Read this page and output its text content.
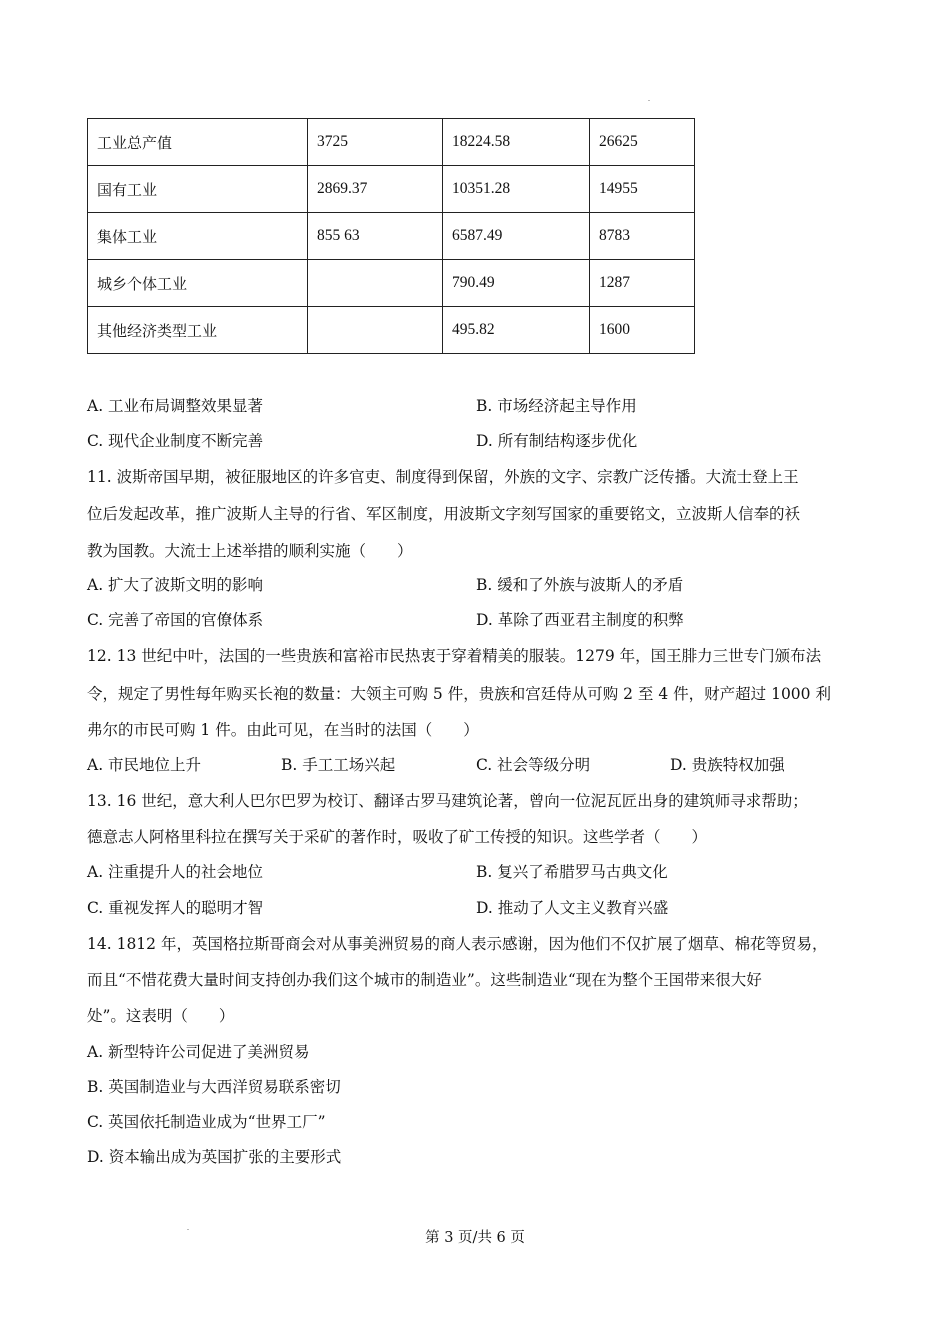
工业总产值	3725	18224.58	26625
国有工业	2869.37	10351.28	14955
集体工业	855 63	6587.49	8783
城乡个体工业		790.49	1287
其他经济类型工业		495.82	1600
A. 工业布局调整效果显著	B. 市场经济起主导作用
C. 现代企业制度不断完善	D. 所有制结构逐步优化
11. 波斯帝国早期，被征服地区的许多官吏、制度得到保留，外族的文字、宗教广泛传播。大流士登上王
位后发起改革，推广波斯人主导的行省、军区制度，用波斯文字刻写国家的重要铭文，立波斯人信奉的袄
教为国教。大流士上述举措的顺利实施（　　）
A. 扩大了波斯文明的影响	B. 缓和了外族与波斯人的矛盾
C. 完善了帝国的官僚体系	D. 革除了西亚君主制度的积弊
12. 13 世纪中叶，法国的一些贵族和富裕市民热衷于穿着精美的服装。1279 年，国王腓力三世专门颁布法
令，规定了男性每年购买长袍的数量：大领主可购 5 件，贵族和宫廷侍从可购 2 至 4 件，财产超过 1000 利
弗尔的市民可购 1 件。由此可见，在当时的法国（　　）
A. 市民地位上升	B. 手工工场兴起	C. 社会等级分明	D. 贵族特权加强
13. 16 世纪，意大利人巴尔巴罗为校订、翻译古罗马建筑论著，曾向一位泥瓦匠出身的建筑师寻求帮助；
德意志人阿格里科拉在撰写关于采矿的著作时，吸收了矿工传授的知识。这些学者（　　）
A. 注重提升人的社会地位	B. 复兴了希腊罗马古典文化
C. 重视发挥人的聪明才智	D. 推动了人文主义教育兴盛
14. 1812 年，英国格拉斯哥商会对从事美洲贸易的商人表示感谢，因为他们不仅扩展了烟草、棉花等贸易，
而且“不惜花费大量时间支持创办我们这个城市的制造业”。这些制造业“现在为整个王国带来很大好
处”。这表明（　　）
A. 新型特许公司促进了美洲贸易
B. 英国制造业与大西洋贸易联系密切
C. 英国依托制造业成为“世界工厂”
D. 资本输出成为英国扩张的主要形式
第 3 页/共 6 页
